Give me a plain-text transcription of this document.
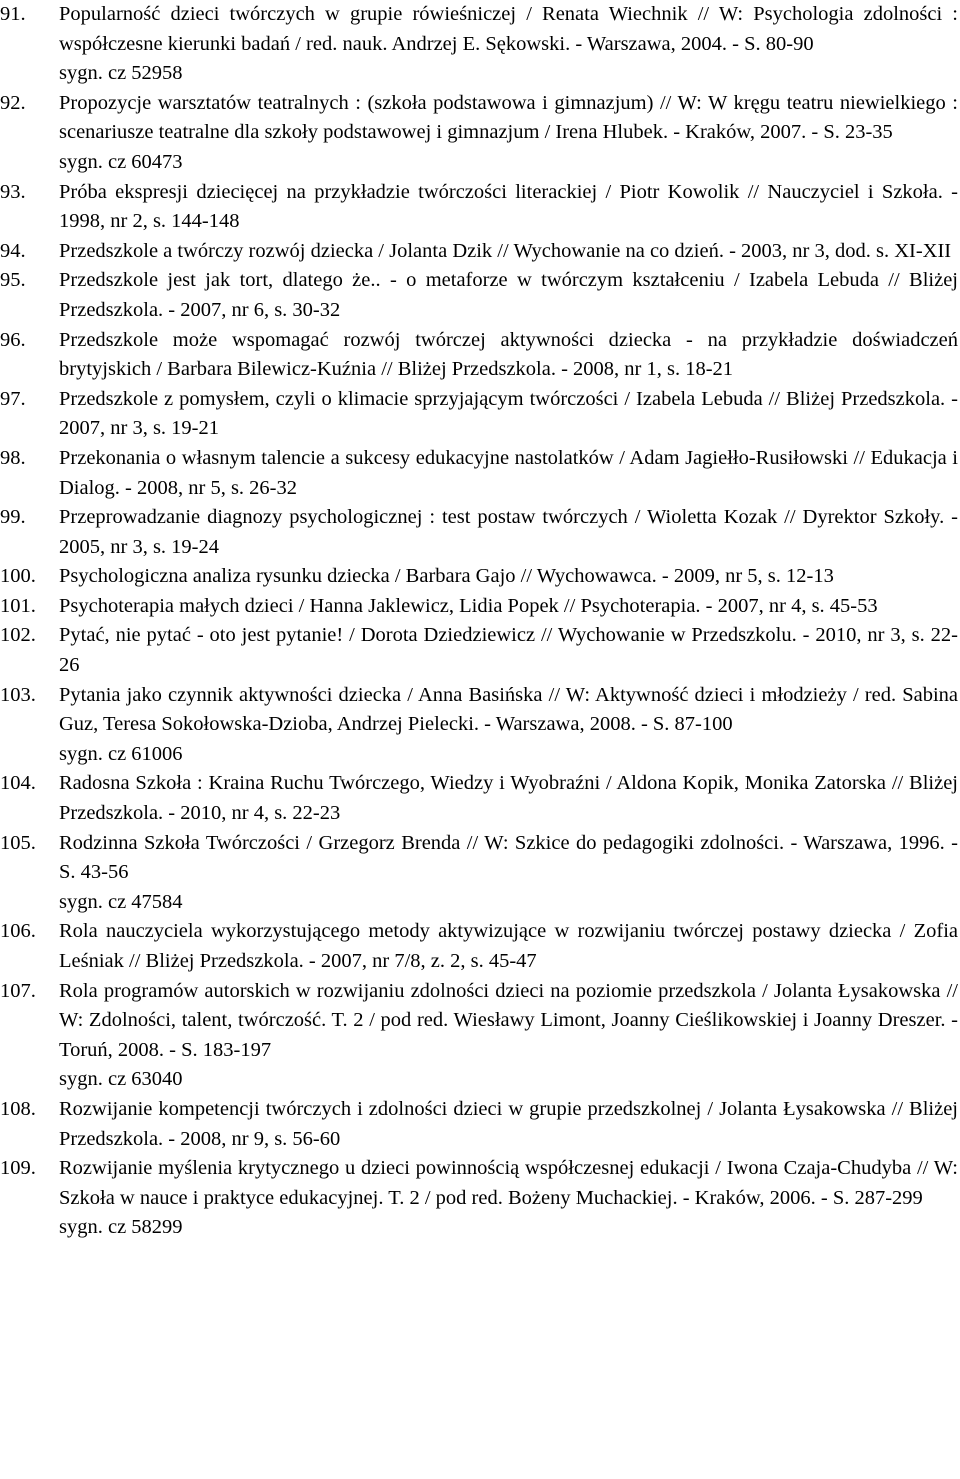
91.	Popularność dzieci twórczych w grupie rówieśniczej / Renata Wiechnik // W: Psychologia zdolności : współczesne kierunki badań / red. nauk. Andrzej E. Sękowski. - Warszawa, 2004. - S. 80-90
sygn. cz 52958
92.	Propozycje warsztatów teatralnych : (szkoła podstawowa i gimnazjum) // W: W kręgu teatru niewielkiego : scenariusze teatralne dla szkoły podstawowej i gimnazjum / Irena Hlubek. - Kraków, 2007. - S. 23-35
sygn. cz 60473
93.	Próba ekspresji dziecięcej na przykładzie twórczości literackiej / Piotr Kowolik // Nauczyciel i Szkoła. - 1998, nr 2, s. 144-148
94.	Przedszkole a twórczy rozwój dziecka / Jolanta Dzik // Wychowanie na co dzień. - 2003, nr 3, dod. s. XI-XII
95.	Przedszkole jest jak tort, dlatego że.. - o metaforze w twórczym kształceniu / Izabela Lebuda // Bliżej Przedszkola. - 2007, nr 6, s. 30-32
96.	Przedszkole może wspomagać rozwój twórczej aktywności dziecka - na przykładzie doświadczeń brytyjskich / Barbara Bilewicz-Kuźnia // Bliżej Przedszkola. - 2008, nr 1, s. 18-21
97.	Przedszkole z pomysłem, czyli o klimacie sprzyjającym twórczości / Izabela Lebuda // Bliżej Przedszkola. - 2007, nr 3, s. 19-21
98.	Przekonania o własnym talencie a sukcesy edukacyjne nastolatków / Adam Jagiełło-Rusiłowski // Edukacja i Dialog. - 2008, nr 5, s. 26-32
99.	Przeprowadzanie diagnozy psychologicznej : test postaw twórczych / Wioletta Kozak // Dyrektor Szkoły. - 2005, nr 3, s. 19-24
100.	Psychologiczna analiza rysunku dziecka / Barbara Gajo // Wychowawca. - 2009, nr 5, s. 12-13
101.	Psychoterapia małych dzieci / Hanna Jaklewicz, Lidia Popek // Psychoterapia. - 2007, nr 4, s. 45-53
102.	Pytać, nie pytać - oto jest pytanie! / Dorota Dziedziewicz // Wychowanie w Przedszkolu. - 2010, nr 3, s. 22-26
103.	Pytania jako czynnik aktywności dziecka / Anna Basińska // W: Aktywność dzieci i młodzieży / red. Sabina Guz, Teresa Sokołowska-Dzioba, Andrzej Pielecki. - Warszawa, 2008. - S. 87-100
sygn. cz 61006
104.	Radosna Szkoła : Kraina Ruchu Twórczego, Wiedzy i Wyobraźni / Aldona Kopik, Monika Zatorska // Bliżej Przedszkola. - 2010, nr 4, s. 22-23
105.	Rodzinna Szkoła Twórczości / Grzegorz Brenda // W: Szkice do pedagogiki zdolności. - Warszawa, 1996. - S. 43-56
sygn. cz 47584
106.	Rola nauczyciela wykorzystującego metody aktywizujące w rozwijaniu twórczej postawy dziecka / Zofia Leśniak // Bliżej Przedszkola. - 2007, nr 7/8, z. 2, s. 45-47
107.	Rola programów autorskich w rozwijaniu zdolności dzieci na poziomie przedszkola / Jolanta Łysakowska // W: Zdolności, talent, twórczość. T. 2 / pod red. Wiesławy Limont, Joanny Cieślikowskiej i Joanny Dreszer. - Toruń, 2008. - S. 183-197
sygn. cz 63040
108.	Rozwijanie kompetencji twórczych i zdolności dzieci w grupie przedszkolnej / Jolanta Łysakowska // Bliżej Przedszkola. - 2008, nr 9, s. 56-60
109.	Rozwijanie myślenia krytycznego u dzieci powinnością współczesnej edukacji / Iwona Czaja-Chudyba // W: Szkoła w nauce i praktyce edukacyjnej. T. 2 / pod red. Bożeny Muchackiej. - Kraków, 2006. - S. 287-299
sygn. cz 58299
